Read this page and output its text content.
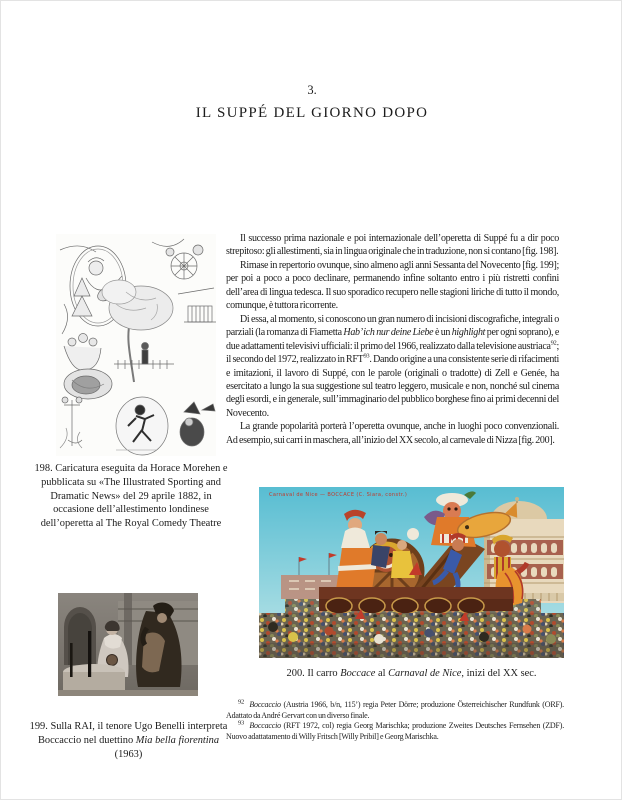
3.
IL SUPPÉ DEL GIORNO DOPO
198. Caricatura eseguita da Horace Morehen e pubblicata su «The Illustrated Sporting and Dramatic News» del 29 aprile 1882, in occasione dell’allestimento londinese dell’operetta al The Royal Comedy Theatre
199. Sulla RAI, il tenore Ugo Benelli interpreta Boccaccio nel duettino Mia bella fiorentina (1963)

Il successo prima nazionale e poi internazionale dell’operetta di Suppé fu a dir poco strepitoso: gli allestimenti, sia in lingua originale che in traduzione, non si contano [fig. 198].

Rimase in repertorio ovunque, sino almeno agli anni Sessanta del Novecento [fig. 199]; per poi a poco a poco declinare, permanendo infine soltanto entro i più ristretti confini dell’area di lingua tedesca. Il suo sporadico recupero nelle stagioni liriche di tutto il mondo, comunque, è tuttora ricorrente.

Di essa, al momento, si conoscono un gran numero di incisioni discografiche, integrali o parziali (la romanza di Fiametta Hab’ ich nur deine Liebe è un highlight per ogni soprano), e due adattamenti televisivi ufficiali: il primo del 1966, realizzato dalla televisione austriaca$^{92}$; il secondo del 1972, realizzato in RFT$^{93}$. Dando origine a una consistente serie di rifacimenti e imitazioni, il lavoro di Suppé, con le parole (originali o tradotte) di Zell e Genée, ha esercitato a lungo la sua suggestione sul teatro leggero, musicale e non, nonché sul cinema degli esordi, e in generale, sull’immaginario del pubblico borghese fino ai primi decenni del Novecento.

La grande popolarità porterà l’operetta ovunque, anche in luoghi poco convenzionali. Ad esempio, sui carri in maschera, all’inizio del XX secolo, al carnevale di Nizza [fig. 200].

Carnaval de Nice — BOCCACE (C. Siara, constr.)
200. Il carro Boccace al Carnaval de Nice, inizi del XX sec.

$^{92}$ Boccaccio (Austria 1966, b/n, 115’) regia Peter Dörre; produzione Österreichischer Rundfunk (ORF). Adattato da André Gervart con un diverso finale.

$^{93}$ Boccaccio (RFT 1972, col) regia Georg Marischka; produzione Zweites Deutsches Fernsehen (ZDF). Nuovo adattatamento di Willy Fritsch [Willy Pribil] e Georg Marischka.
